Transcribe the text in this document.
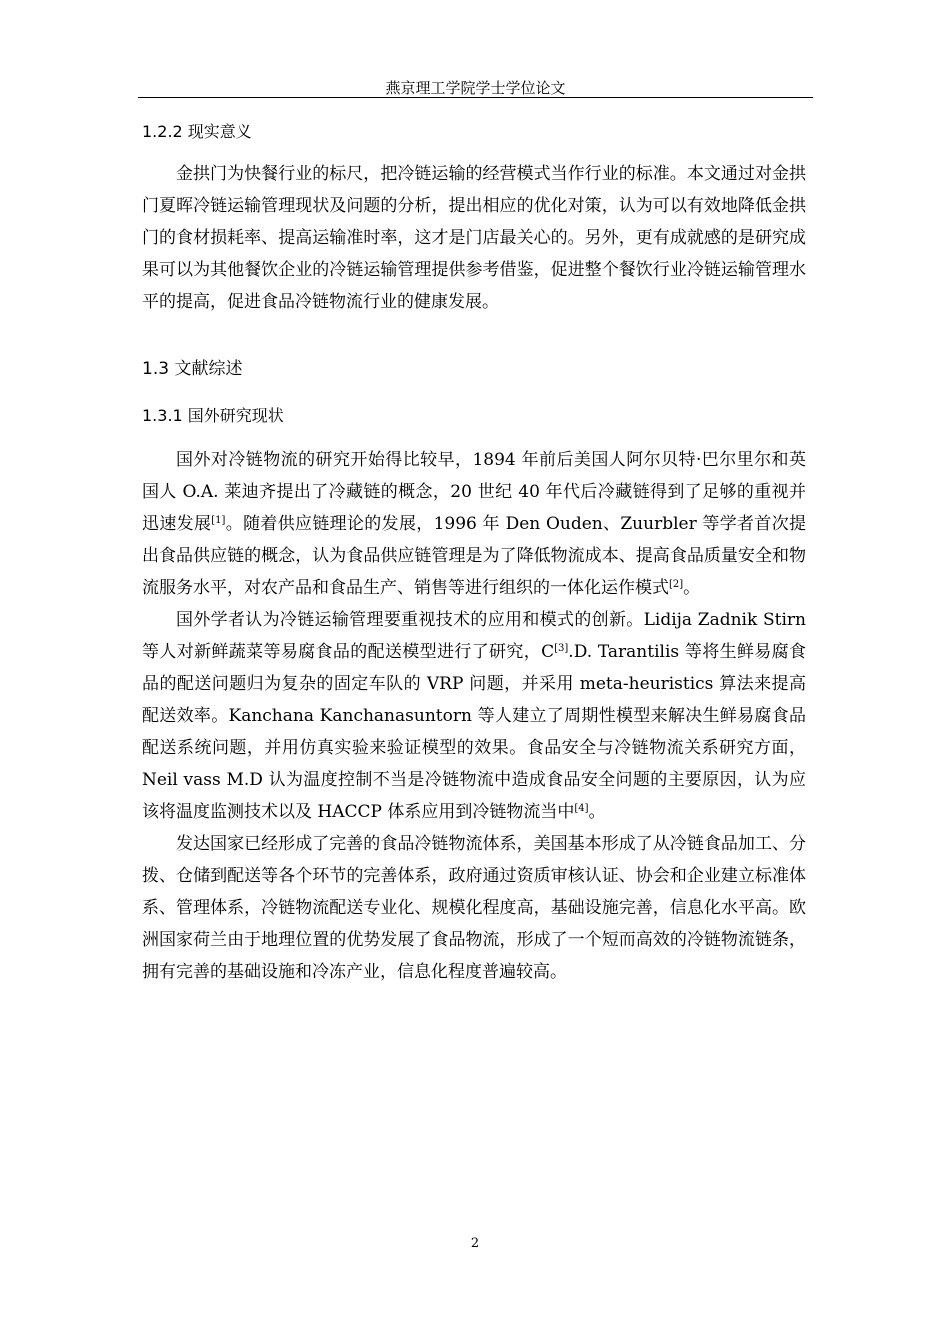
燕京理工学院学士学位论文
1.2.2 现实意义

金拱门为快餐行业的标尺，把冷链运输的经营模式当作行业的标准。本文通过对金拱门夏晖冷链运输管理现状及问题的分析，提出相应的优化对策，认为可以有效地降低金拱门的食材损耗率、提高运输准时率，这才是门店最关心的。另外，更有成就感的是研究成果可以为其他餐饮企业的冷链运输管理提供参考借鉴，促进整个餐饮行业冷链运输管理水平的提高，促进食品冷链物流行业的健康发展。

1.3 文献综述
1.3.1 国外研究现状

国外对冷链物流的研究开始得比较早，1894 年前后美国人阿尔贝特·巴尔里尔和英国人 O.A. 莱迪齐提出了冷藏链的概念，20 世纪 40 年代后冷藏链得到了足够的重视并迅速发展[1]。随着供应链理论的发展，1996 年 Den Ouden、Zuurbler 等学者首次提出食品供应链的概念，认为食品供应链管理是为了降低物流成本、提高食品质量安全和物流服务水平，对农产品和食品生产、销售等进行组织的一体化运作模式[2]。

国外学者认为冷链运输管理要重视技术的应用和模式的创新。Lidija Zadnik Stirn 等人对新鲜蔬菜等易腐食品的配送模型进行了研究，C[3].D. Tarantilis 等将生鲜易腐食品的配送问题归为复杂的固定车队的 VRP 问题，并采用 meta-heuristics 算法来提高配送效率。Kanchana Kanchanasuntorn 等人建立了周期性模型来解决生鲜易腐食品配送系统问题，并用仿真实验来验证模型的效果。食品安全与冷链物流关系研究方面，Neil vass M.D 认为温度控制不当是冷链物流中造成食品安全问题的主要原因，认为应该将温度监测技术以及 HACCP 体系应用到冷链物流当中[4]。

发达国家已经形成了完善的食品冷链物流体系，美国基本形成了从冷链食品加工、分拨、仓储到配送等各个环节的完善体系，政府通过资质审核认证、协会和企业建立标准体系、管理体系，冷链物流配送专业化、规模化程度高，基础设施完善，信息化水平高。欧洲国家荷兰由于地理位置的优势发展了食品物流，形成了一个短而高效的冷链物流链条，拥有完善的基础设施和冷冻产业，信息化程度普遍较高。

2
